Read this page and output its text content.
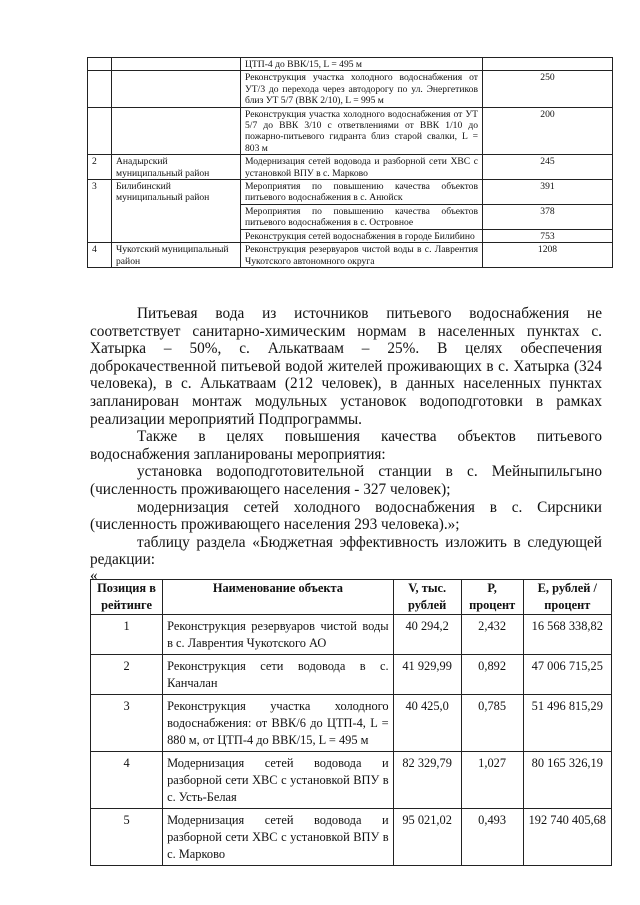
		ЦТП-4 до ВВК/15, L = 495 м	
		Реконструкция участка холодного водоснабжения от УТ/3 до перехода через автодорогу по ул. Энергетиков близ УТ 5/7 (ВВК 2/10), L = 995 м	250
		Реконструкция участка холодного водоснабжения от УТ 5/7 до ВВК 3/10 с ответвлениями от ВВК 1/10 до пожарно-питьевого гидранта близ старой свалки, L = 803 м	200
2	Анадырский муниципальный район	Модернизация сетей водовода и разборной сети ХВС с установкой ВПУ в с. Марково	245
3	Билибинский муниципальный район	Мероприятия по повышению качества объектов питьевого водоснабжения в с. Анюйск	391
		Мероприятия по повышению качества объектов питьевого водоснабжения в с. Островное	378
		Реконструкция сетей водоснабжения в городе Билибино	753
4	Чукотский муниципальный район	Реконструкция резервуаров чистой воды в с. Лаврентия Чукотского автономного округа	1208

Питьевая вода из источников питьевого водоснабжения не соответствует санитарно-химическим нормам в населенных пунктах с. Хатырка – 50%, с. Алькатваам – 25%. В целях обеспечения доброкачественной питьевой водой жителей проживающих в с. Хатырка (324 человека), в с. Алькатваам (212 человек), в данных населенных пунктах запланирован монтаж модульных установок водоподготовки в рамках реализации мероприятий Подпрограммы.

Также в целях повышения качества объектов питьевого водоснабжения запланированы мероприятия:

установка водоподготовительной станции в с. Мейныпильгыно (численность проживающего населения - 327 человек);

модернизация сетей холодного водоснабжения в с. Сирсники (численность проживающего населения 293 человека).»;

таблицу раздела «Бюджетная эффективность изложить в следующей редакции:

«

Позиция в рейтинге	Наименование объекта	V, тыс. рублей	P, процент	E, рублей / процент
1	Реконструкция резервуаров чистой воды в с. Лаврентия Чукотского АО	40 294,2	2,432	16 568 338,82
2	Реконструкция сети водовода в с. Канчалан	41 929,99	0,892	47 006 715,25
3	Реконструкция участка холодного водоснабжения: от ВВК/6 до ЦТП-4, L = 880 м, от ЦТП-4 до ВВК/15, L = 495 м	40 425,0	0,785	51 496 815,29
4	Модернизация сетей водовода и разборной сети ХВС с установкой ВПУ в с. Усть-Белая	82 329,79	1,027	80 165 326,19
5	Модернизация сетей водовода и разборной сети ХВС с установкой ВПУ в с. Марково	95 021,02	0,493	192 740 405,68
